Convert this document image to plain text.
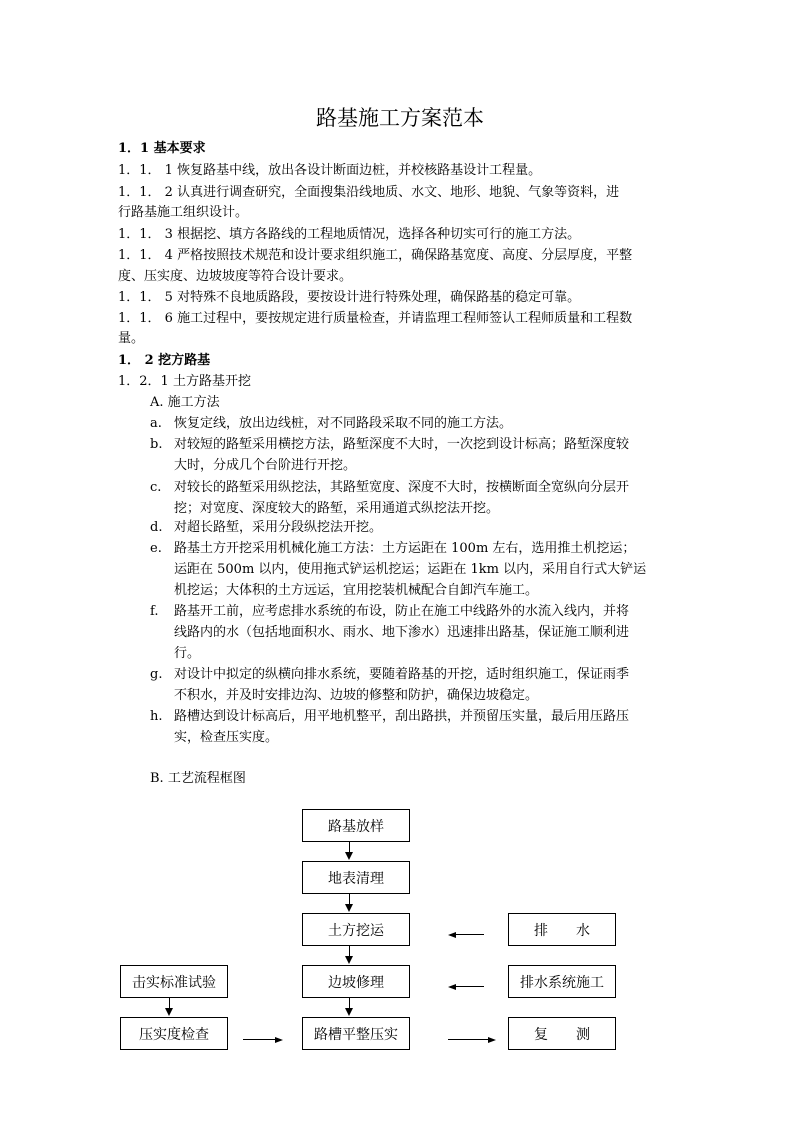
路基施工方案范本
1．1 基本要求
1．1． 1 恢复路基中线，放出各设计断面边桩，并校核路基设计工程量。
1．1． 2 认真进行调查研究，全面搜集沿线地质、水文、地形、地貌、气象等资料，进
行路基施工组织设计。
1．1． 3 根据挖、填方各路线的工程地质情况，选择各种切实可行的施工方法。
1．1． 4 严格按照技术规范和设计要求组织施工，确保路基宽度、高度、分层厚度，平整
度、压实度、边坡坡度等符合设计要求。
1．1． 5 对特殊不良地质路段，要按设计进行特殊处理，确保路基的稳定可靠。
1．1． 6 施工过程中，要按规定进行质量检查，并请监理工程师签认工程师质量和工程数
量。
1． 2 挖方路基
1．2．1 土方路基开挖
A. 施工方法
a. 恢复定线，放出边线桩，对不同路段采取不同的施工方法。
b. 对较短的路堑采用横挖方法，路堑深度不大时，一次挖到设计标高；路堑深度较
大时，分成几个台阶进行开挖。
c. 对较长的路堑采用纵挖法，其路堑宽度、深度不大时，按横断面全宽纵向分层开
挖；对宽度、深度较大的路堑，采用通道式纵挖法开挖。
d. 对超长路堑，采用分段纵挖法开挖。
e. 路基土方开挖采用机械化施工方法：土方运距在 100m 左右，选用推土机挖运；
运距在 500m 以内，使用拖式铲运机挖运；运距在 1km 以内，采用自行式大铲运
机挖运；大体积的土方远运，宜用挖装机械配合自卸汽车施工。
f. 路基开工前，应考虑排水系统的布设，防止在施工中线路外的水流入线内，并将
线路内的水（包括地面积水、雨水、地下渗水）迅速排出路基，保证施工顺利进
行。
g. 对设计中拟定的纵横向排水系统，要随着路基的开挖，适时组织施工，保证雨季
不积水，并及时安排边沟、边坡的修整和防护，确保边坡稳定。
h. 路槽达到设计标高后，用平地机整平，刮出路拱，并预留压实量，最后用压路压
实，检查压实度。
B. 工艺流程框图
路基放样
地表清理
土方挖运
边坡修理
路槽平整压实
排　　水
排水系统施工
复　　测
击实标准试验
压实度检查
